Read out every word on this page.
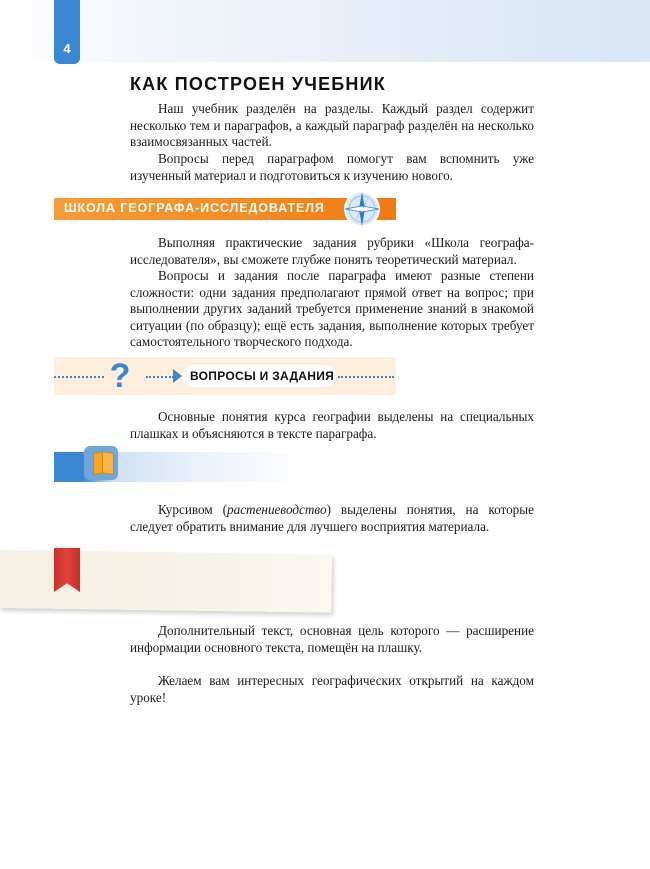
4
КАК ПОСТРОЕН УЧЕБНИК

Наш учебник разделён на разделы. Каждый раздел содержит несколько тем и параграфов, а каждый параграф разделён на несколько взаимосвязанных частей.

Вопросы перед параграфом помогут вам вспомнить уже изученный материал и подготовиться к изучению нового.

ШКОЛА ГЕОГРАФА-ИССЛЕДОВАТЕЛЯ

Выполняя практические задания рубрики «Школа географа-исследователя», вы сможете глубже понять теоретический материал.

Вопросы и задания после параграфа имеют разные степени сложности: одни задания предполагают прямой ответ на вопрос; при выполнении других заданий требуется применение знаний в знакомой ситуации (по образцу); ещё есть задания, выполнение которых требует самостоятельного творческого подхода.

?	ВОПРОСЫ И ЗАДАНИЯ

Основные понятия курса географии выделены на специальных плашках и объясняются в тексте параграфа.

Курсивом (растениеводство) выделены понятия, на которые следует обратить внимание для лучшего восприятия материала.

Дополнительный текст, основная цель которого — расширение информации основного текста, помещён на плашку.

Желаем вам интересных географических открытий на каждом уроке!
